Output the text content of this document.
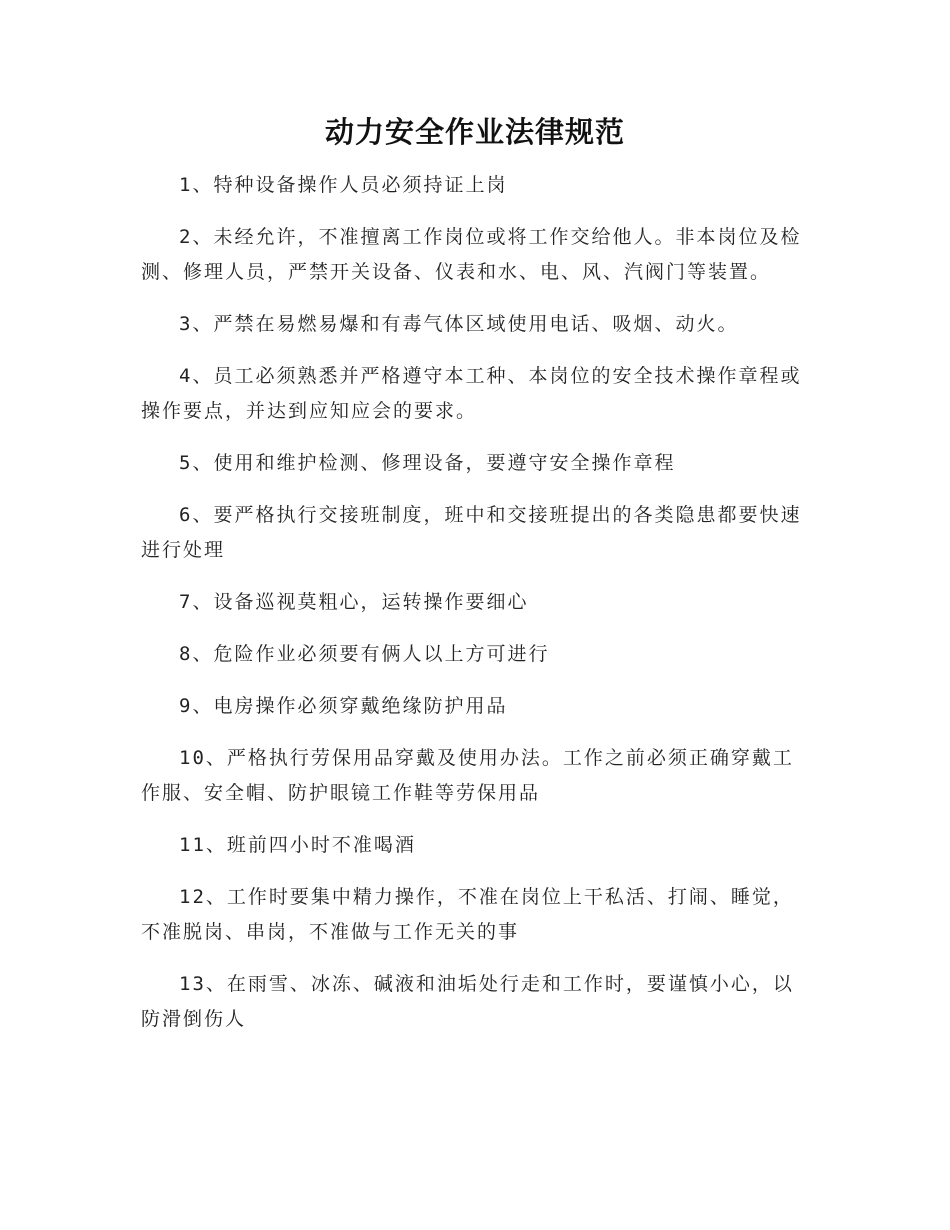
动力安全作业法律规范

1、特种设备操作人员必须持证上岗

2、未经允许，不准擅离工作岗位或将工作交给他人。非本岗位及检测、修理人员，严禁开关设备、仪表和水、电、风、汽阀门等装置。

3、严禁在易燃易爆和有毒气体区域使用电话、吸烟、动火。

4、员工必须熟悉并严格遵守本工种、本岗位的安全技术操作章程或操作要点，并达到应知应会的要求。

5、使用和维护检测、修理设备，要遵守安全操作章程

6、要严格执行交接班制度，班中和交接班提出的各类隐患都要快速进行处理

7、设备巡视莫粗心，运转操作要细心

8、危险作业必须要有俩人以上方可进行

9、电房操作必须穿戴绝缘防护用品

10、严格执行劳保用品穿戴及使用办法。工作之前必须正确穿戴工作服、安全帽、防护眼镜工作鞋等劳保用品

11、班前四小时不准喝酒

12、工作时要集中精力操作，不准在岗位上干私活、打闹、睡觉，不准脱岗、串岗，不准做与工作无关的事

13、在雨雪、冰冻、碱液和油垢处行走和工作时，要谨慎小心，以防滑倒伤人
